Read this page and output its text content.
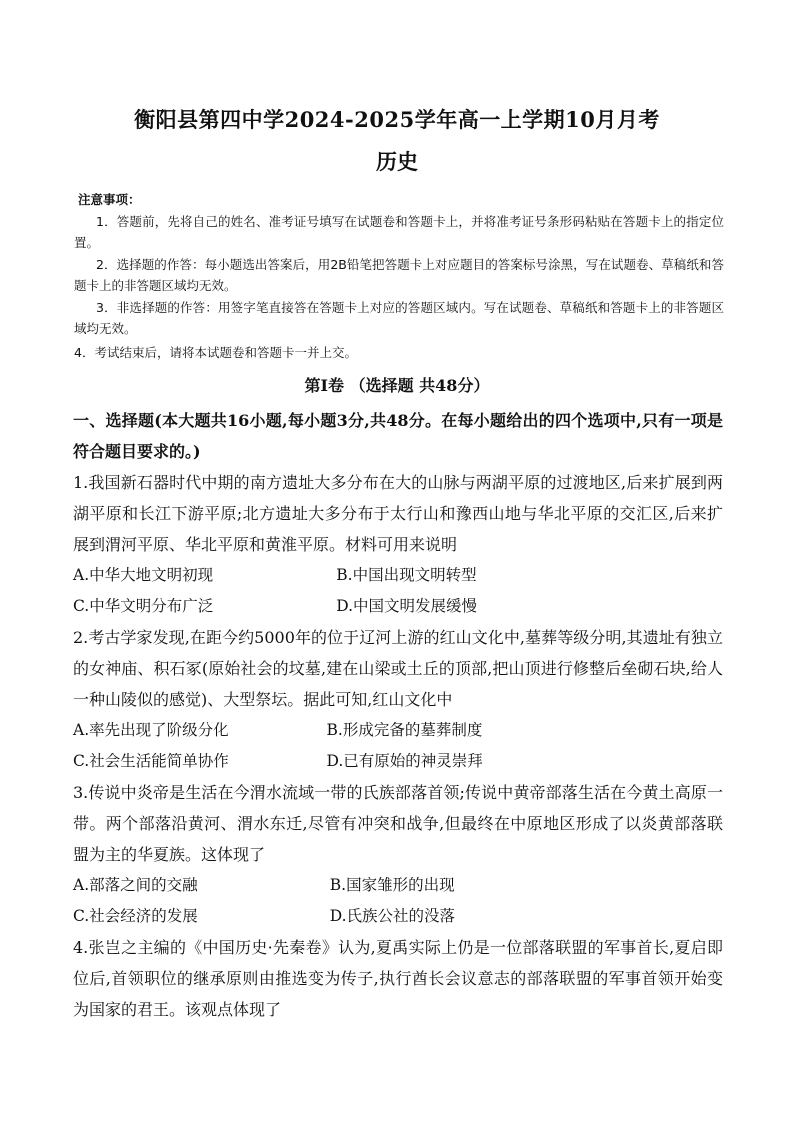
衡阳县第四中学2024-2025学年高一上学期10月月考
历史
注意事项：

1．答题前，先将自己的姓名、准考证号填写在试题卷和答题卡上，并将准考证号条形码粘贴在答题卡上的指定位置。

2．选择题的作答：每小题选出答案后，用2B铅笔把答题卡上对应题目的答案标号涂黑，写在试题卷、草稿纸和答题卡上的非答题区域均无效。

3．非选择题的作答：用签字笔直接答在答题卡上对应的答题区域内。写在试题卷、草稿纸和答题卡上的非答题区域均无效。

4．考试结束后，请将本试题卷和答题卡一并上交。

第Ⅰ卷 （选择题 共48分）

一、选择题(本大题共16小题,每小题3分,共48分。在每小题给出的四个选项中,只有一项是符合题目要求的。)

1.我国新石器时代中期的南方遗址大多分布在大的山脉与两湖平原的过渡地区,后来扩展到两湖平原和长江下游平原;北方遗址大多分布于太行山和豫西山地与华北平原的交汇区,后来扩展到渭河平原、华北平原和黄淮平原。材料可用来说明

A.中华大地文明初现	B.中国出现文明转型
C.中华文明分布广泛	D.中国文明发展缓慢

2.考古学家发现,在距今约5000年的位于辽河上游的红山文化中,墓葬等级分明,其遗址有独立的女神庙、积石冢(原始社会的坟墓,建在山梁或土丘的顶部,把山顶进行修整后垒砌石块,给人一种山陵似的感觉)、大型祭坛。据此可知,红山文化中

A.率先出现了阶级分化	B.形成完备的墓葬制度
C.社会生活能简单协作	D.已有原始的神灵崇拜

3.传说中炎帝是生活在今渭水流域一带的氏族部落首领;传说中黄帝部落生活在今黄土高原一带。两个部落沿黄河、渭水东迁,尽管有冲突和战争,但最终在中原地区形成了以炎黄部落联盟为主的华夏族。这体现了

A.部落之间的交融	B.国家雏形的出现
C.社会经济的发展	D.氏族公社的没落

4.张岂之主编的《中国历史·先秦卷》认为,夏禹实际上仍是一位部落联盟的军事首长,夏启即位后,首领职位的继承原则由推选变为传子,执行酋长会议意志的部落联盟的军事首领开始变为国家的君王。该观点体现了
